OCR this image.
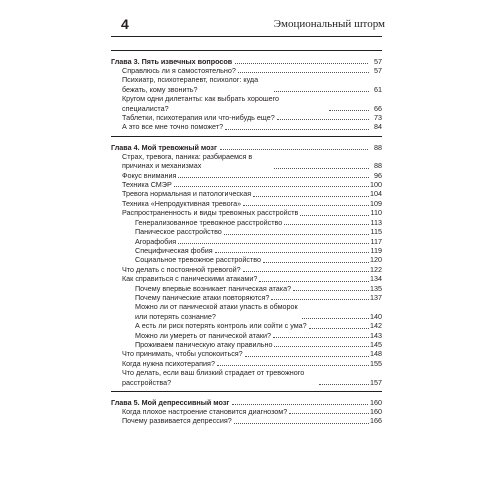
4	Эмоциональный шторм
Глава 3. Пять извечных вопросов	57
Справлюсь ли я самостоятельно?	57
Психиатр, психотерапевт, психолог: куда бежать, кому звонить?	61
Кругом одни дилетанты: как выбрать хорошего специалиста?	66
Таблетки, психотерапия или что-нибудь еще?	73
А это все мне точно поможет?	84
Глава 4. Мой тревожный мозг	88
Страх, тревога, паника: разбираемся в причинах и механизмах	88
Фокус внимания	96
Техника СМЭР	100
Тревога нормальная и патологическая	104
Техника «Непродуктивная тревога»	109
Распространенность и виды тревожных расстройств	110
Генерализованное тревожное расстройство	113
Паническое расстройство	115
Агорафобия	117
Специфическая фобия	119
Социальное тревожное расстройство	120
Что делать с постоянной тревогой?	122
Как справиться с паническими атаками?	134
Почему впервые возникает паническая атака?	135
Почему панические атаки повторяются?	137
Можно ли от панической атаки упасть в обморок или потерять сознание?	140
А есть ли риск потерять контроль или сойти с ума?	142
Можно ли умереть от панической атаки?	143
Проживаем паническую атаку правильно	145
Что принимать, чтобы успокоиться?	148
Когда нужна психотерапия?	155
Что делать, если ваш близкий страдает от тревожного расстройства?	157
Глава 5. Мой депрессивный мозг	160
Когда плохое настроение становится диагнозом?	160
Почему развивается депрессия?	166
